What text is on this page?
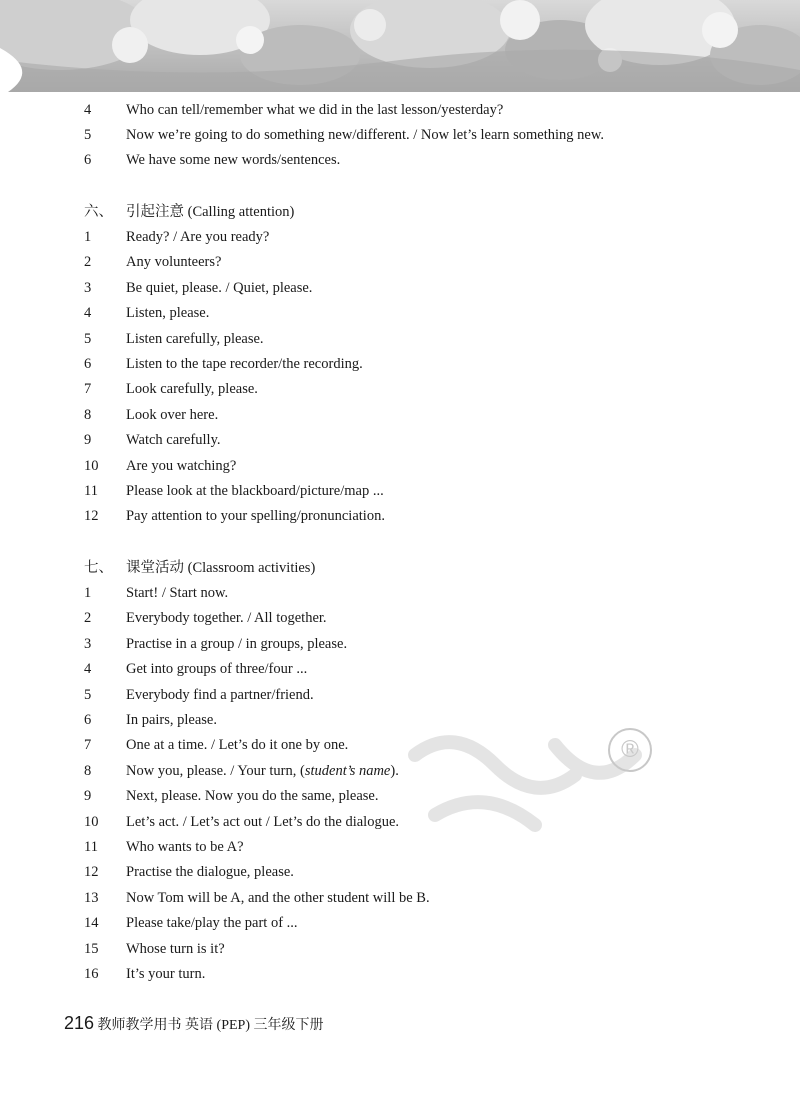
®
4	Who can tell/remember what we did in the last lesson/yesterday?
5	Now we’re going to do something new/different. / Now let’s learn something new.
6	We have some new words/sentences.
六、 引起注意 (Calling attention)
1	Ready? / Are you ready?
2	Any volunteers?
3	Be quiet, please. / Quiet, please.
4	Listen, please.
5	Listen carefully, please.
6	Listen to the tape recorder/the recording.
7	Look carefully, please.
8	Look over here.
9	Watch carefully.
10	Are you watching?
11	Please look at the blackboard/picture/map ...
12	Pay attention to your spelling/pronunciation.
七、 课堂活动 (Classroom activities)
1	Start! / Start now.
2	Everybody together. / All together.
3	Practise in a group / in groups, please.
4	Get into groups of three/four ...
5	Everybody find a partner/friend.
6	In pairs, please.
7	One at a time. / Let’s do it one by one.
8	Now you, please. / Your turn, (student’s name).
9	Next, please. Now you do the same, please.
10	Let’s act. / Let’s act out / Let’s do the dialogue.
11	Who wants to be A?
12	Practise the dialogue, please.
13	Now Tom will be A, and the other student will be B.
14	Please take/play the part of ...
15	Whose turn is it?
16	It’s your turn.
216 教师教学用书 英语 (PEP) 三年级下册
